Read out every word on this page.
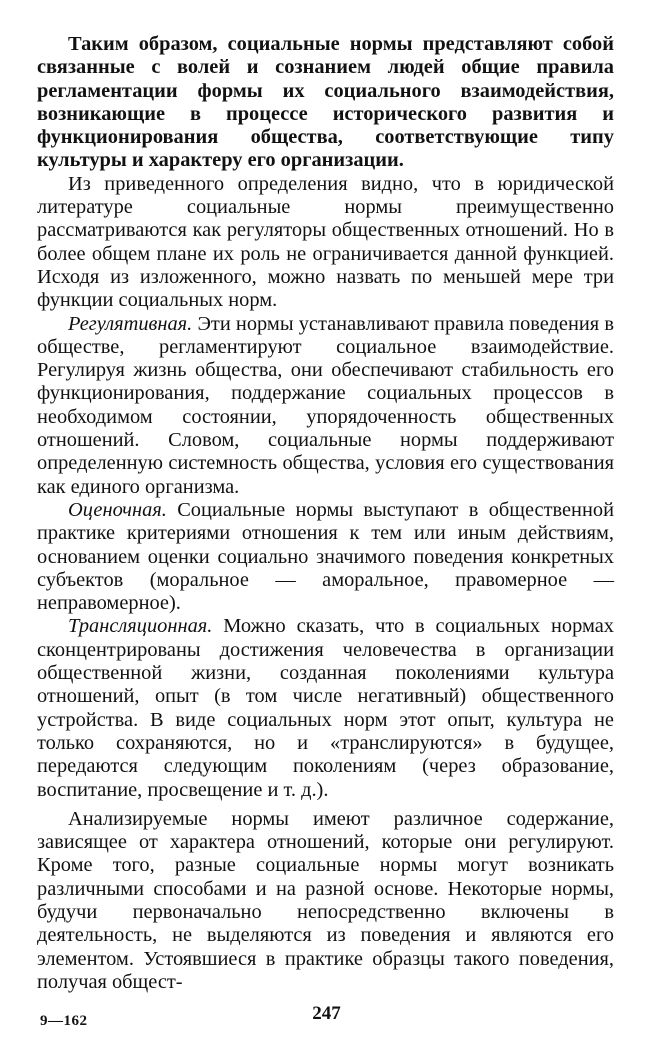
Таким образом, социальные нормы представляют собой связанные с волей и сознанием людей общие правила регламентации формы их социального взаимодействия, возникающие в процессе исторического развития и функционирования общества, соответствующие типу культуры и характеру его организации.

Из приведенного определения видно, что в юридической литературе социальные нормы преимущественно рассматриваются как регуляторы общественных отношений. Но в более общем плане их роль не ограничивается данной функцией. Исходя из изложенного, можно назвать по меньшей мере три функции социальных норм.

Регулятивная. Эти нормы устанавливают правила поведения в обществе, регламентируют социальное взаимодействие. Регулируя жизнь общества, они обеспечивают стабильность его функционирования, поддержание социальных процессов в необходимом состоянии, упорядоченность общественных отношений. Словом, социальные нормы поддерживают определенную системность общества, условия его существования как единого организма.

Оценочная. Социальные нормы выступают в общественной практике критериями отношения к тем или иным действиям, основанием оценки социально значимого поведения конкретных субъектов (моральное — аморальное, правомерное — неправомерное).

Трансляционная. Можно сказать, что в социальных нормах сконцентрированы достижения человечества в организации общественной жизни, созданная поколениями культура отношений, опыт (в том числе негативный) общественного устройства. В виде социальных норм этот опыт, культура не только сохраняются, но и «транслируются» в будущее, передаются следующим поколениям (через образование, воспитание, просвещение и т. д.).

Анализируемые нормы имеют различное содержание, зависящее от характера отношений, которые они регулируют. Кроме того, разные социальные нормы могут возникать различными способами и на разной основе. Некоторые нормы, будучи первоначально непосредственно включены в деятельность, не выделяются из поведения и являются его элементом. Устоявшиеся в практике образцы такого поведения, получая общест-

9—162	247
